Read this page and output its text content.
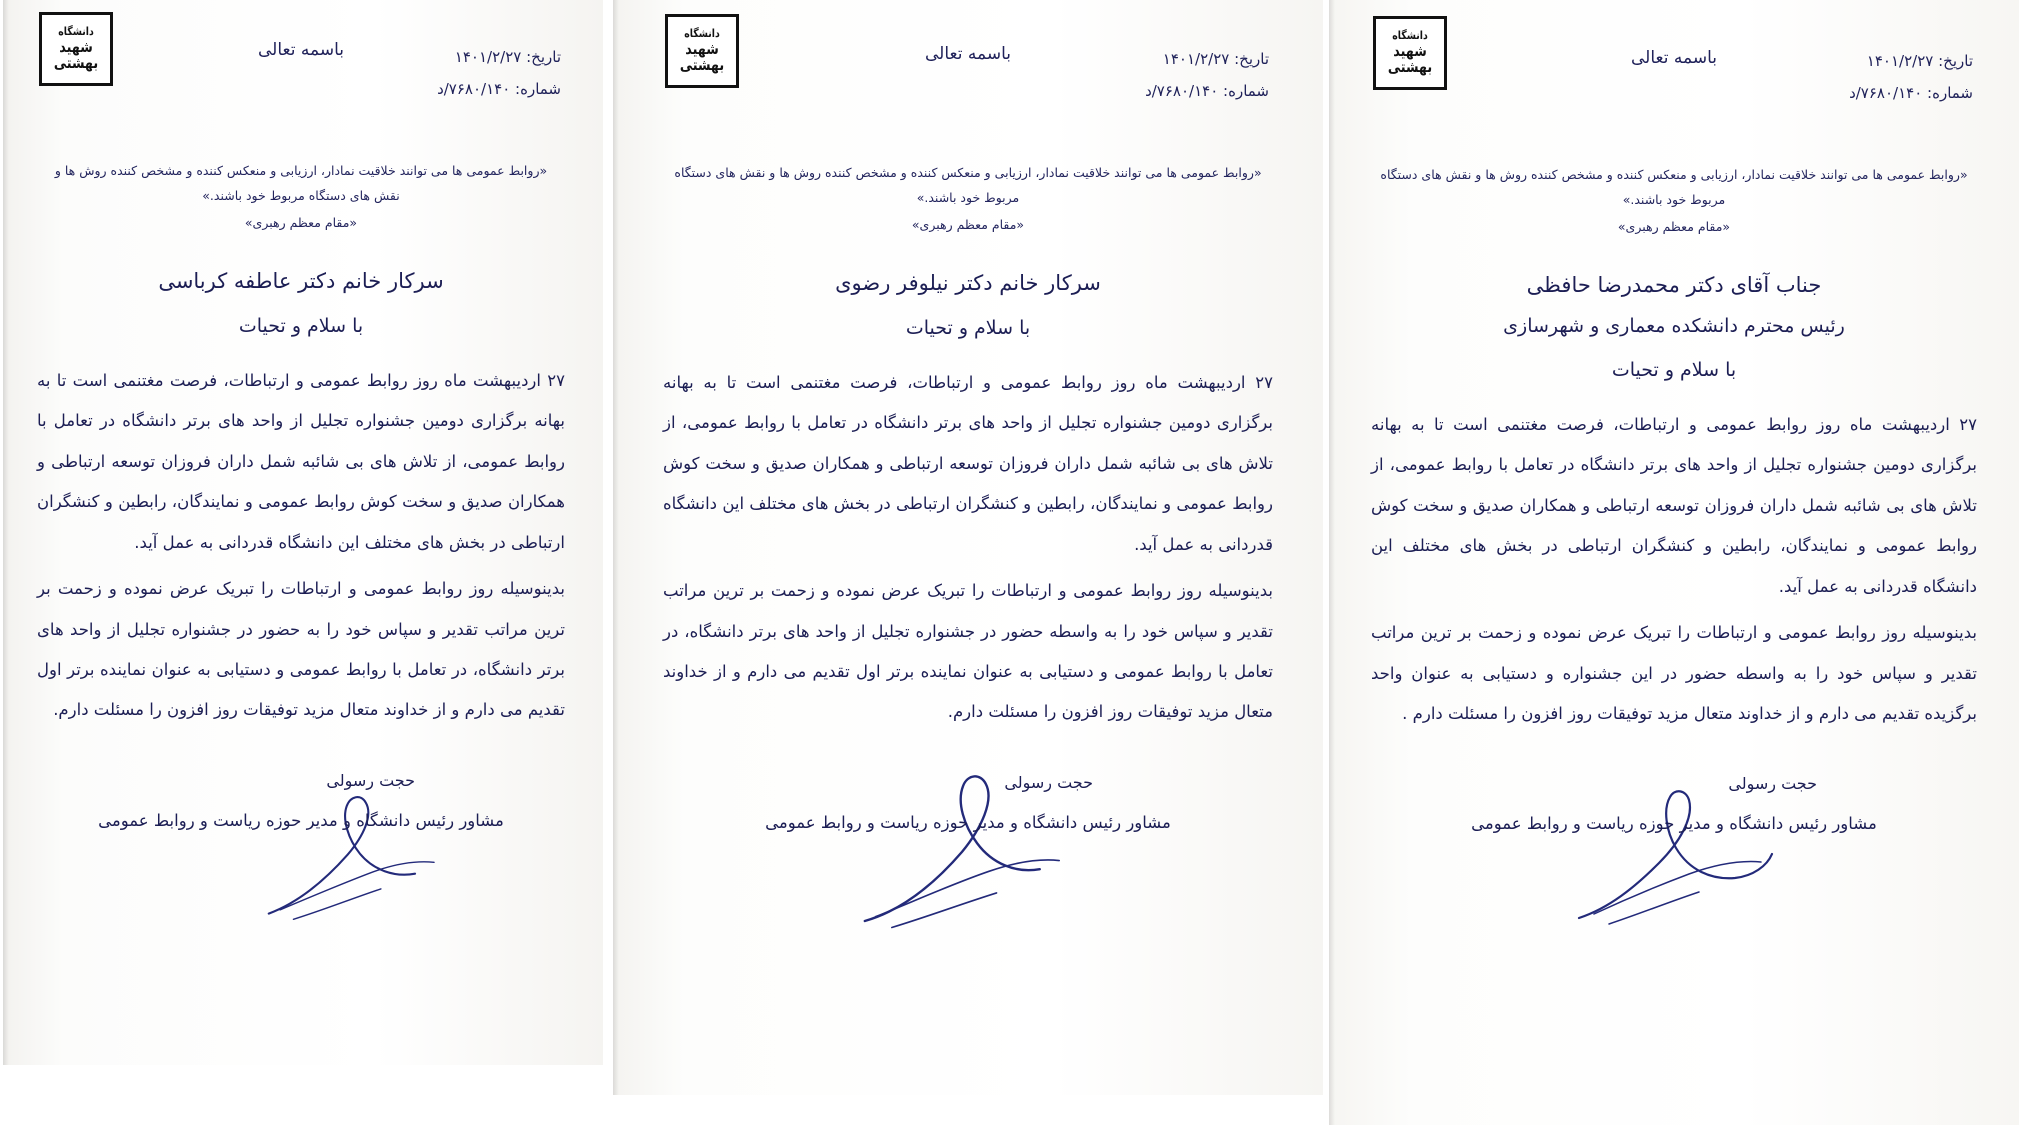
دانشگاه
شهید بهشتی	باسمه تعالی	تاریخ: ۱۴۰۱/۲/۲۷
شماره: ۷۶۸۰/۱۴۰/د
«روابط عمومی ها می توانند خلاقیت نمادار، ارزیابی و منعکس کننده و مشخص کننده روش ها و نقش های دستگاه مربوط خود باشند.»
«مقام معظم رهبری»
جناب آقای دکتر محمدرضا حافظی
رئیس محترم دانشکده معماری و شهرسازی
با سلام و تحیات

۲۷ اردیبهشت ماه روز روابط عمومی و ارتباطات، فرصت مغتنمی است تا به بهانه برگزاری دومین جشنواره تجلیل از واحد های برتر دانشگاه در تعامل با روابط عمومی، از تلاش های بی شائبه شمل داران فروزان توسعه ارتباطی و همکاران صدیق و سخت کوش روابط عمومی و نمایندگان، رابطین و کنشگران ارتباطی در بخش های مختلف این دانشگاه قدردانی به عمل آید.

بدینوسیله روز روابط عمومی و ارتباطات را تبریک عرض نموده و زحمت بر ترین مراتب تقدیر و سپاس خود را به واسطه حضور در این جشنواره و دستیابی به عنوان واحد برگزیده تقدیم می دارم و از خداوند متعال مزید توفیقات روز افزون را مسئلت دارم .

حجت رسولی
مشاور رئیس دانشگاه و مدیر حوزه ریاست و روابط عمومی
دانشگاه
شهید بهشتی
باسمه تعالی	تاریخ: ۱۴۰۱/۲/۲۷
شماره: ۷۶۸۰/۱۴۰/د
«روابط عمومی ها می توانند خلاقیت نمادار، ارزیابی و منعکس کننده و مشخص کننده روش ها و نقش های دستگاه مربوط خود باشند.»
«مقام معظم رهبری»
سرکار خانم دکتر نیلوفر رضوی
با سلام و تحیات

۲۷ اردیبهشت ماه روز روابط عمومی و ارتباطات، فرصت مغتنمی است تا به بهانه برگزاری دومین جشنواره تجلیل از واحد های برتر دانشگاه در تعامل با روابط عمومی، از تلاش های بی شائبه شمل داران فروزان توسعه ارتباطی و همکاران صدیق و سخت کوش روابط عمومی و نمایندگان، رابطین و کنشگران ارتباطی در بخش های مختلف این دانشگاه قدردانی به عمل آید.

بدینوسیله روز روابط عمومی و ارتباطات را تبریک عرض نموده و زحمت بر ترین مراتب تقدیر و سپاس خود را به واسطه حضور در جشنواره تجلیل از واحد های برتر دانشگاه، در تعامل با روابط عمومی و دستیابی به عنوان نماینده برتر اول تقدیم می دارم و از خداوند متعال مزید توفیقات روز افزون را مسئلت دارم.

حجت رسولی
مشاور رئیس دانشگاه و مدیر حوزه ریاست و روابط عمومی
دانشگاه
شهید بهشتی
باسمه تعالی	تاریخ: ۱۴۰۱/۲/۲۷
شماره: ۷۶۸۰/۱۴۰/د
«روابط عمومی ها می توانند خلاقیت نمادار، ارزیابی و منعکس کننده و مشخص کننده روش ها و نقش های دستگاه مربوط خود باشند.»
«مقام معظم رهبری»
سرکار خانم دکتر عاطفه کرباسی
با سلام و تحیات

۲۷ اردیبهشت ماه روز روابط عمومی و ارتباطات، فرصت مغتنمی است تا به بهانه برگزاری دومین جشنواره تجلیل از واحد های برتر دانشگاه در تعامل با روابط عمومی، از تلاش های بی شائبه شمل داران فروزان توسعه ارتباطی و همکاران صدیق و سخت کوش روابط عمومی و نمایندگان، رابطین و کنشگران ارتباطی در بخش های مختلف این دانشگاه قدردانی به عمل آید.

بدینوسیله روز روابط عمومی و ارتباطات را تبریک عرض نموده و زحمت بر ترین مراتب تقدیر و سپاس خود را به حضور در جشنواره تجلیل از واحد های برتر دانشگاه، در تعامل با روابط عمومی و دستیابی به عنوان نماینده برتر اول تقدیم می دارم و از خداوند متعال مزید توفیقات روز افزون را مسئلت دارم.

حجت رسولی
مشاور رئیس دانشگاه و مدیر حوزه ریاست و روابط عمومی
